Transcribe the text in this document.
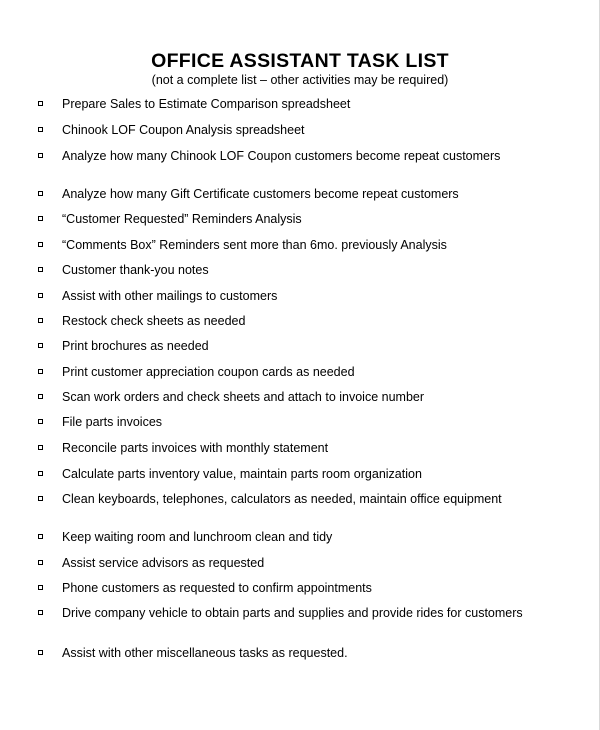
OFFICE ASSISTANT TASK LIST
(not a complete list – other activities may be required)
Prepare Sales to Estimate Comparison spreadsheet
Chinook LOF Coupon Analysis spreadsheet
Analyze how many Chinook LOF Coupon customers become repeat customers
Analyze how many Gift Certificate customers become repeat customers
“Customer Requested” Reminders Analysis
“Comments Box” Reminders sent more than 6mo. previously Analysis
Customer thank-you notes
Assist with other mailings to customers
Restock check sheets as needed
Print brochures as needed
Print customer appreciation coupon cards as needed
Scan work orders and check sheets and attach to invoice number
File parts invoices
Reconcile parts invoices with monthly statement
Calculate parts inventory value, maintain parts room organization
Clean keyboards, telephones, calculators as needed, maintain office equipment
Keep waiting room and lunchroom clean and tidy
Assist service advisors as requested
Phone customers as requested to confirm appointments
Drive company vehicle to obtain parts and supplies and provide rides for customers
Assist with other miscellaneous tasks as requested.
